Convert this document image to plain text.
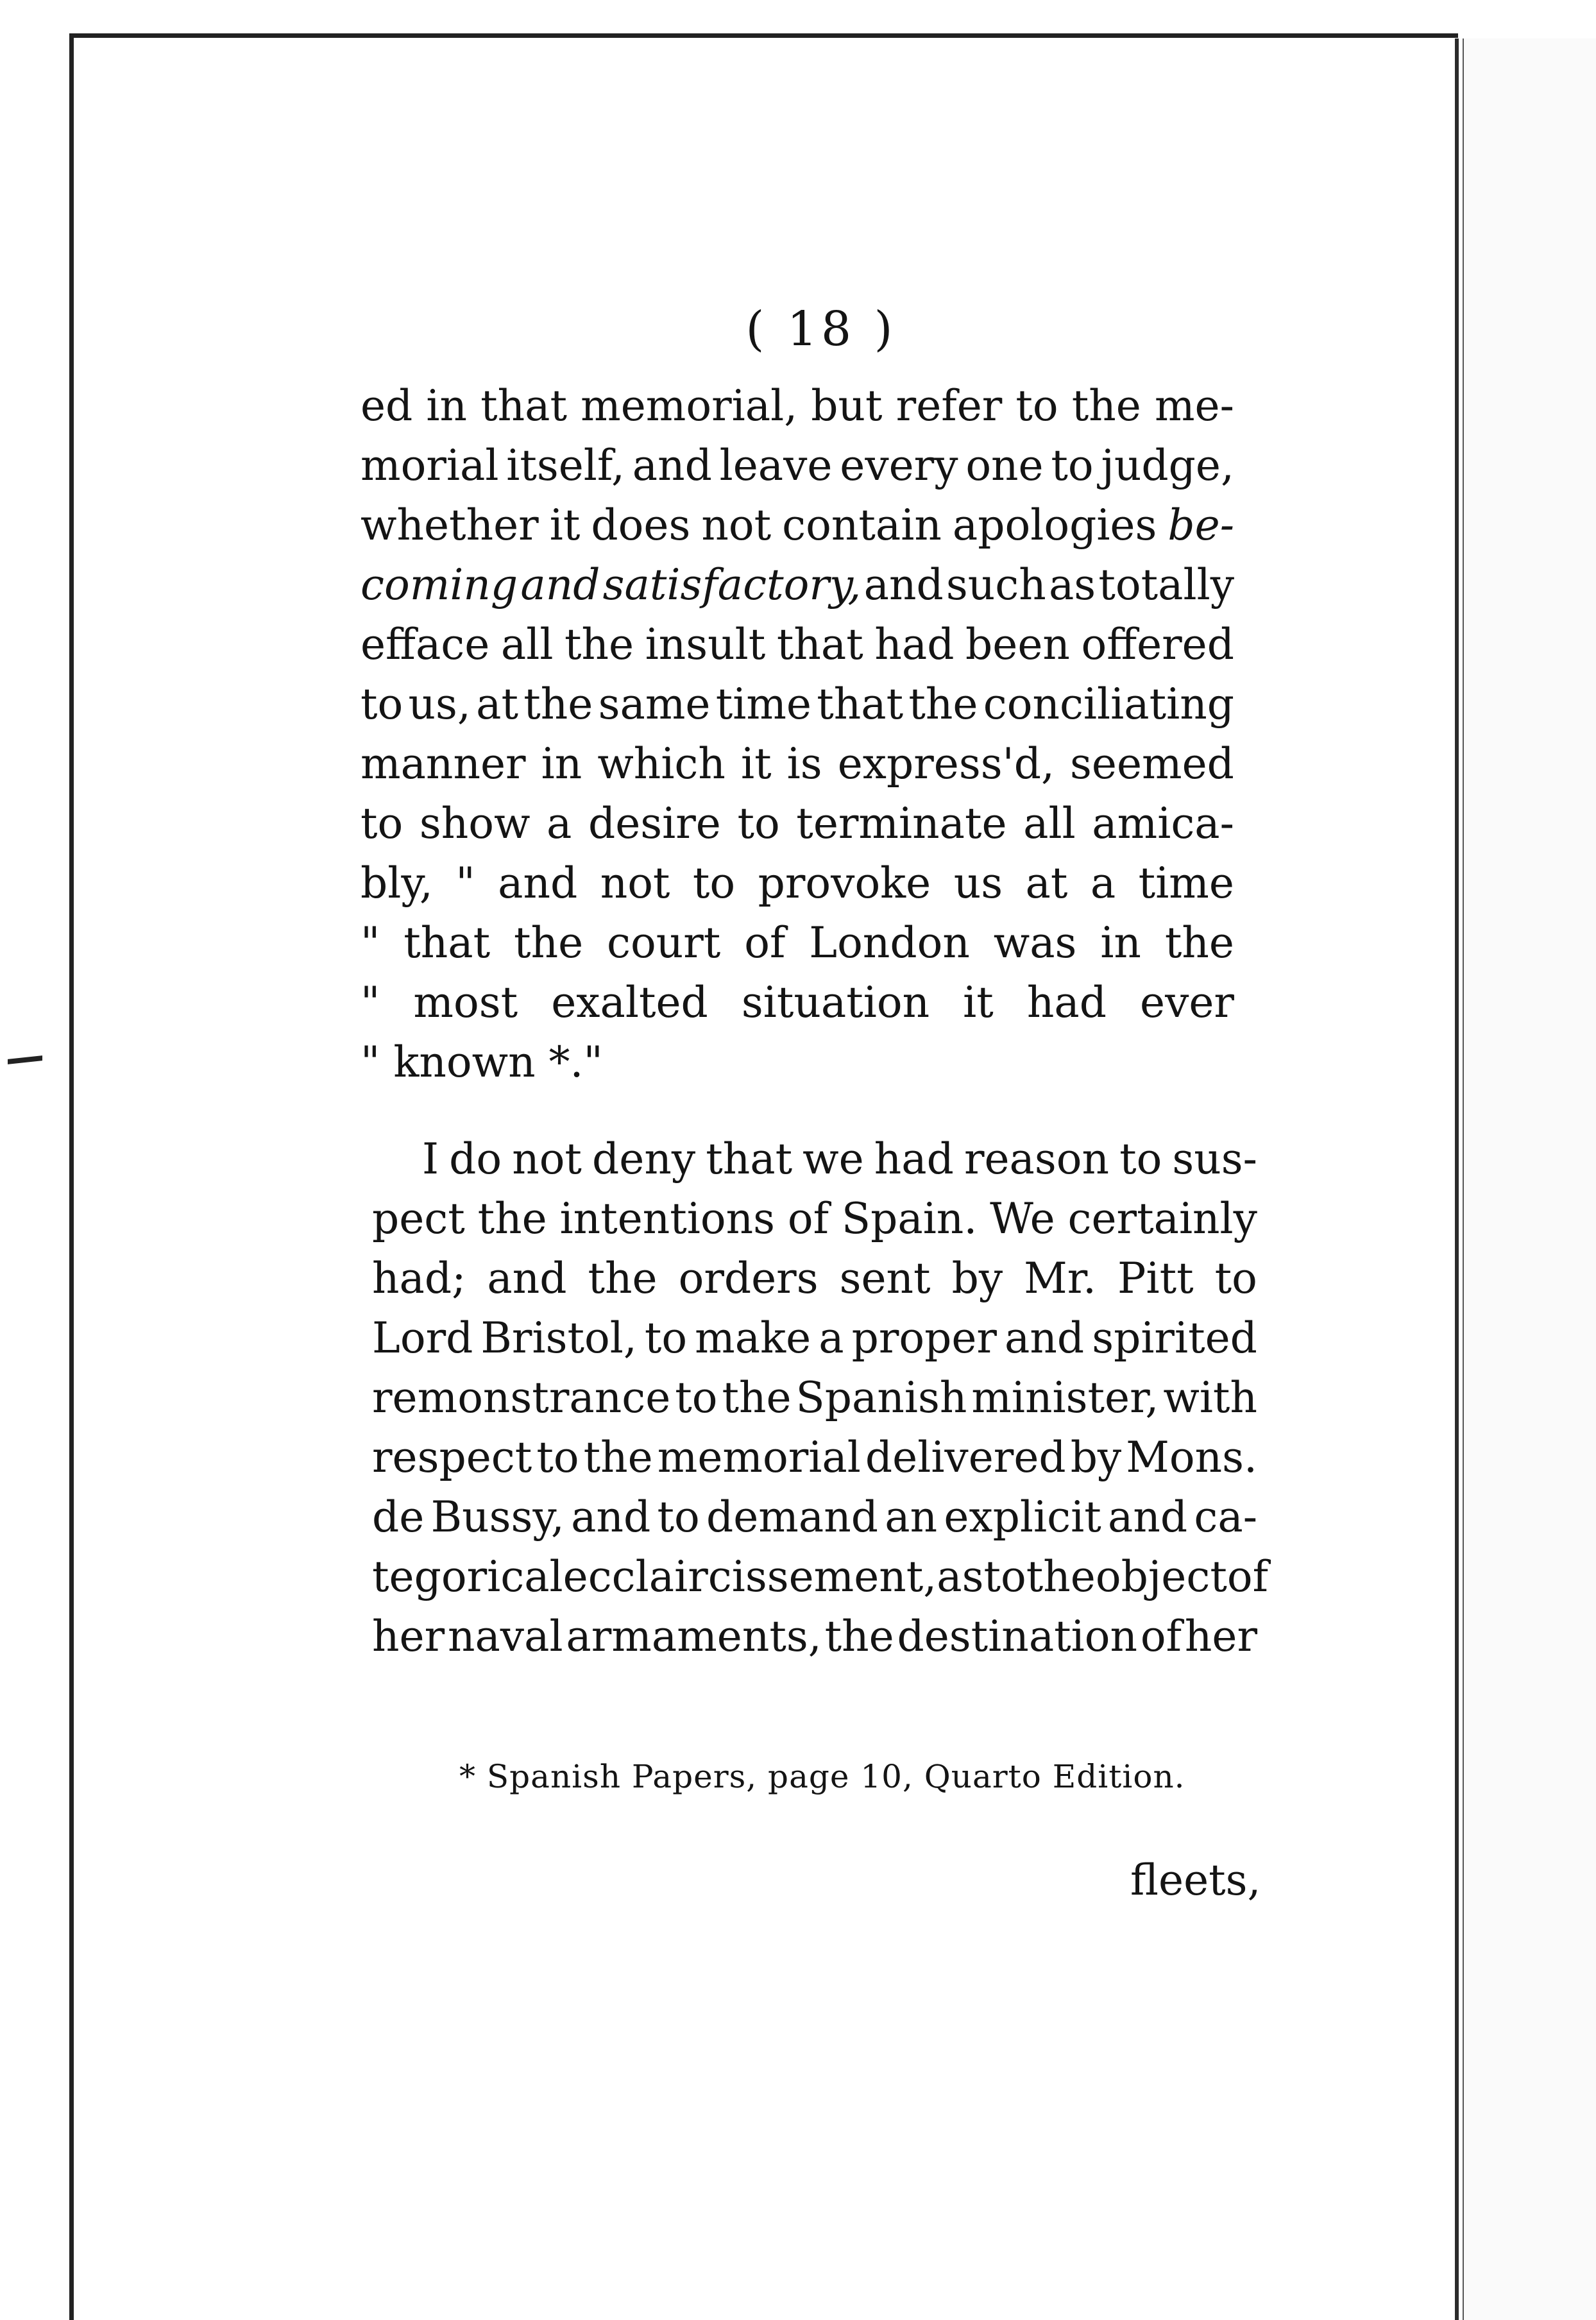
( 18 )
ed in that memorial, but refer to the me-
morial itself, and leave every one to judge,
whether it does not contain apologies be-
coming and satisfactory, and such as totally
efface all the insult that had been offered
to us, at the same time that the conciliating
manner in which it is express'd, seemed
to show a desire to terminate all amica-
bly, " and not to provoke us at a time
" that the court of London was in the
" most exalted situation it had ever
" known *."
I do not deny that we had reason to sus-
pect the intentions of Spain. We certainly
had; and the orders sent by Mr. Pitt to
Lord Bristol, to make a proper and spirited
remonstrance to the Spanish minister, with
respect to the memorial delivered by Mons.
de Bussy, and to demand an explicit and ca-
tegorical ecclaircissement, as to the object of
her naval armaments, the destination of her
* Spanish Papers, page 10, Quarto Edition.
fleets,
